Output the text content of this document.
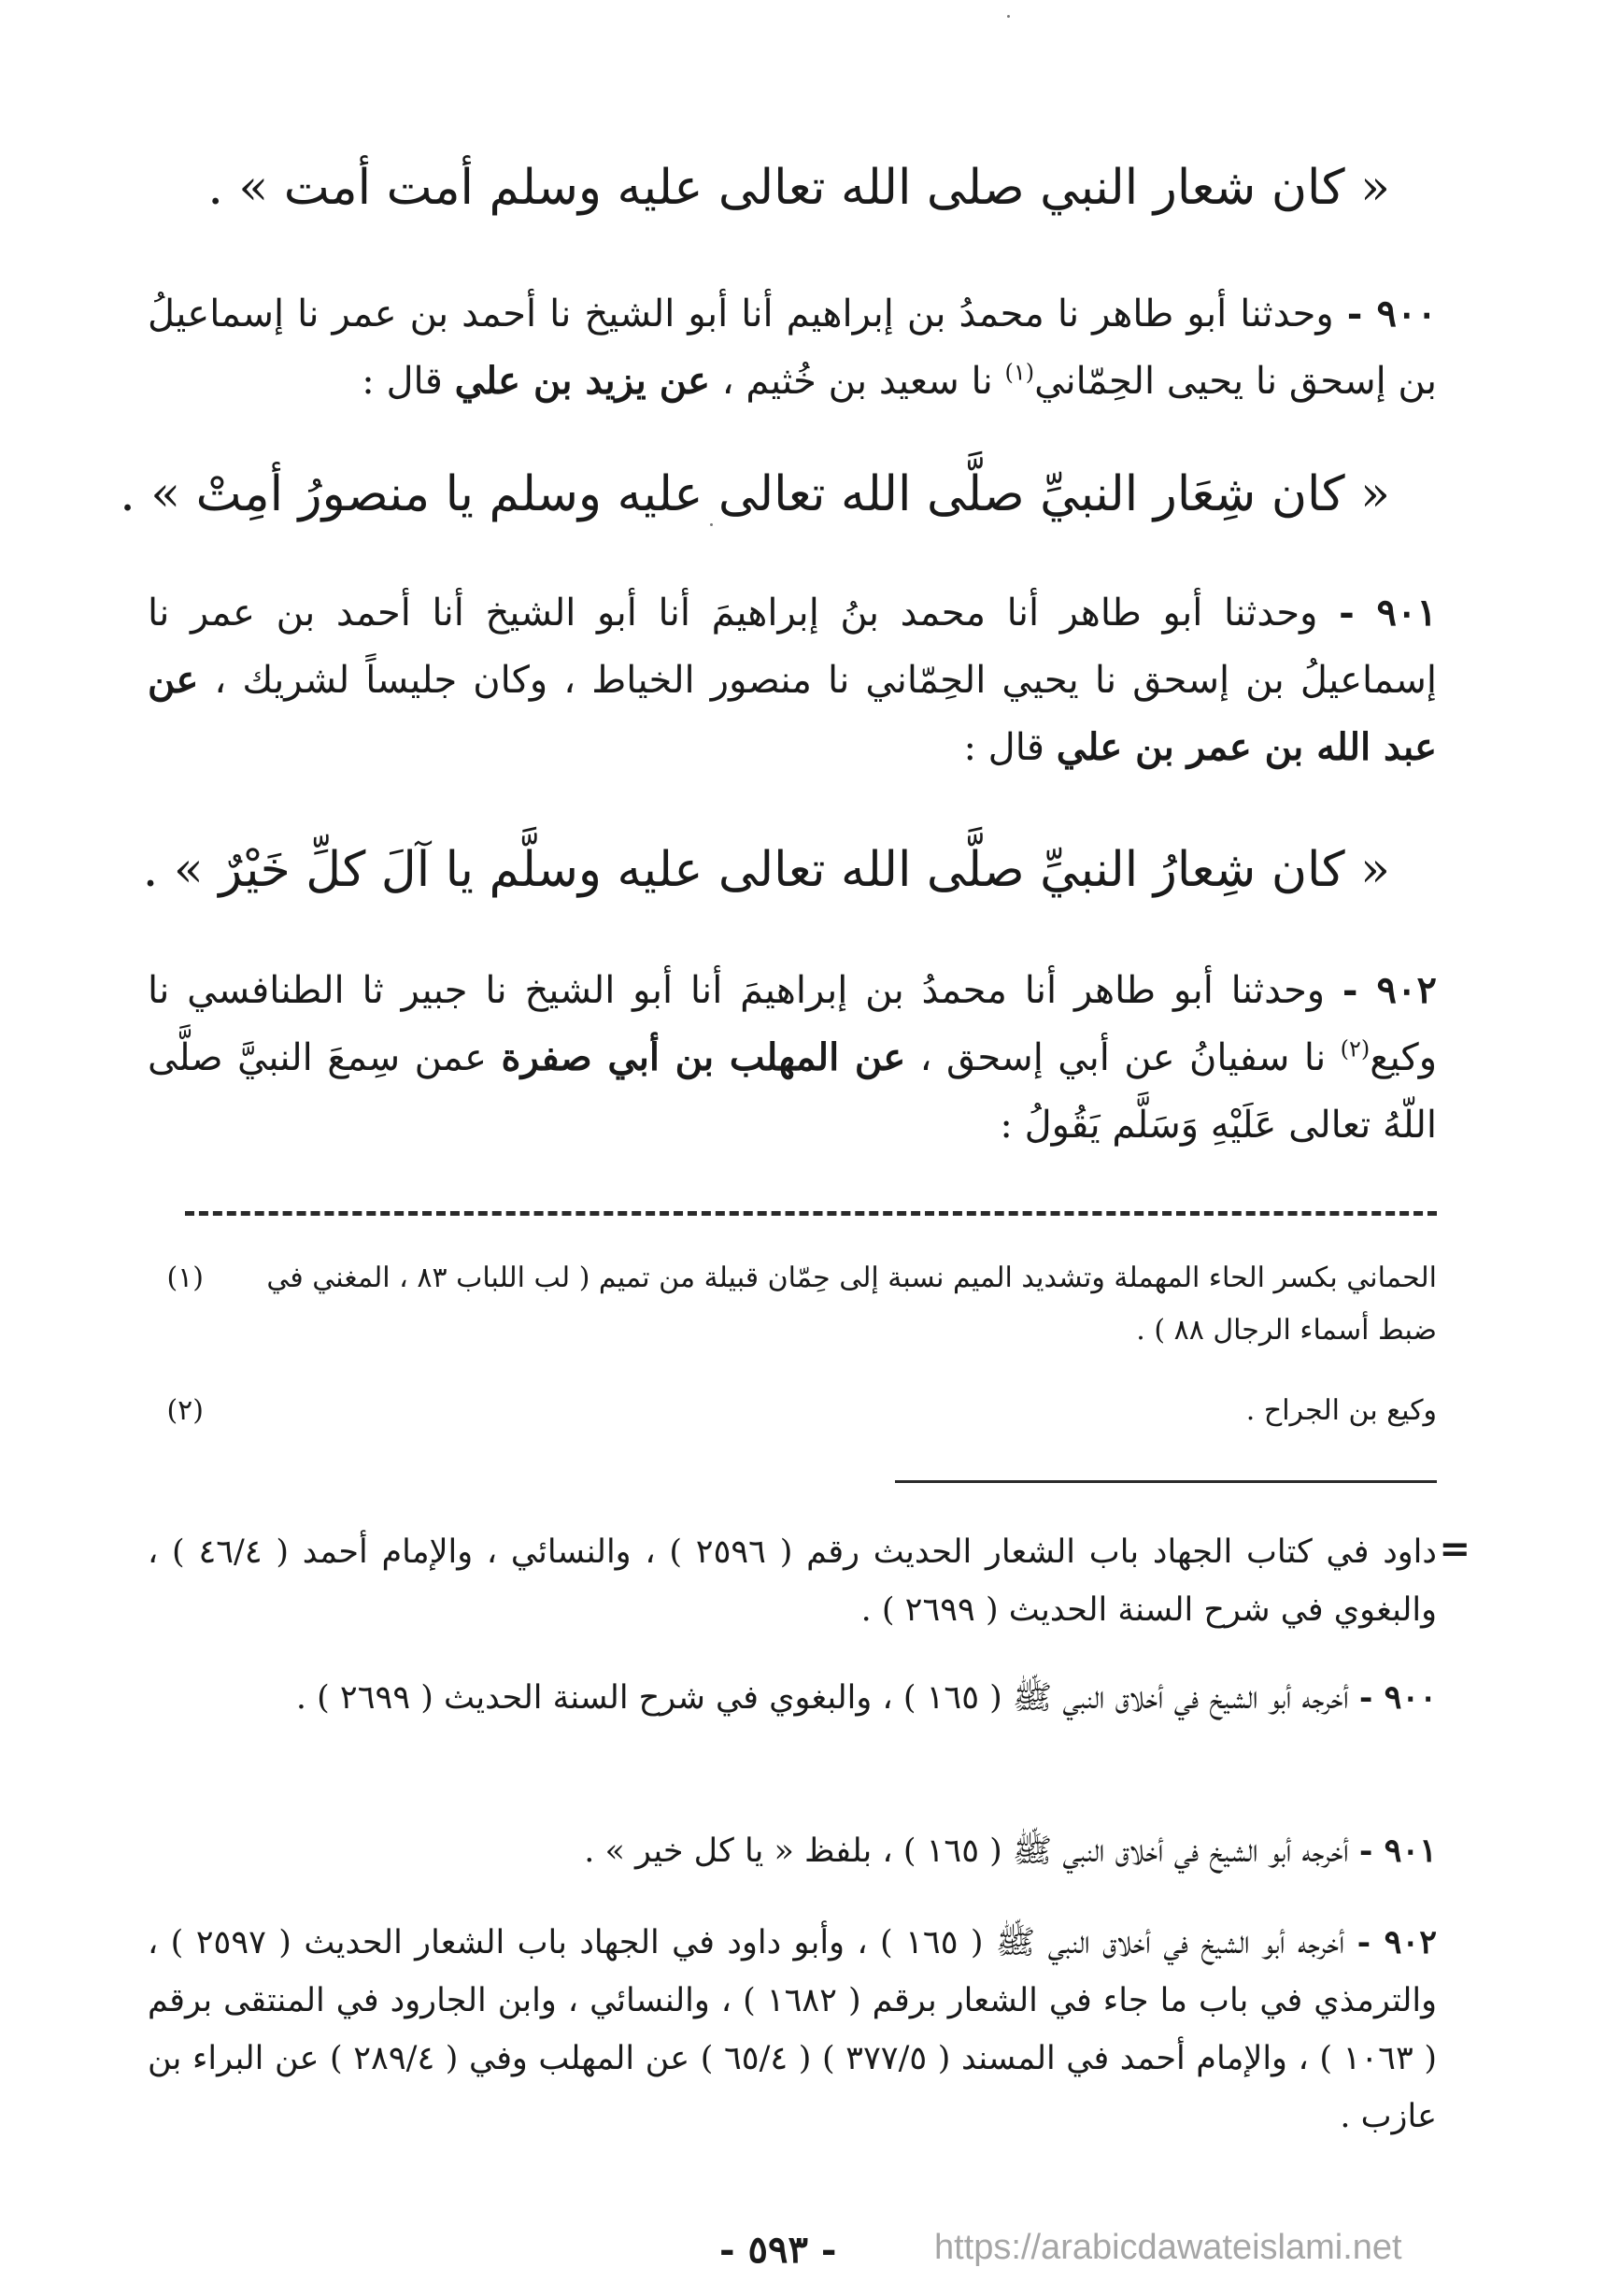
« كان شعار النبي صلى الله تعالى عليه وسلم أمت أمت » .
٩٠٠ - وحدثنا أبو طاهر نا محمدُ بن إبراهيم أنا أبو الشيخ نا أحمد بن عمر نا إسماعيلُ بن إسحق نا يحيى الحِمّاني$^{(١)}$ نا سعيد بن خُثيم ، عن يزيد بن علي قال :
« كان شِعَار النبيِّ صلَّى الله تعالى عليه وسلم يا منصورُ أمِتْ » .
٩٠١ - وحدثنا أبو طاهر أنا محمد بنُ إبراهيمَ أنا أبو الشيخ أنا أحمد بن عمر نا إسماعيلُ بن إسحق نا يحيي الحِمّاني نا منصور الخياط ، وكان جليساً لشريك ، عن عبد الله بن عمر بن علي قال :
« كان شِعارُ النبيِّ صلَّى الله تعالى عليه وسلَّم يا آلَ كلِّ خَيْرٌ » .
٩٠٢ - وحدثنا أبو طاهر أنا محمدُ بن إبراهيمَ أنا أبو الشيخ نا جبير ثا الطنافسي نا وكيع$^{(٢)}$ نا سفيانُ عن أبي إسحق ، عن المهلب بن أبي صفرة عمن سِمعَ النبيَّ صلَّى اللّهُ تعالى عَلَيْهِ وَسَلَّم يَقُولُ :
(١)	الحماني بكسر الحاء المهملة وتشديد الميم نسبة إلى حِمّان قبيلة من تميم ( لب اللباب ٨٣ ، المغني في ضبط أسماء الرجال ٨٨ ) .
(٢)	وكيع بن الجراح .
=
داود في كتاب الجهاد باب الشعار الحديث رقم ( ٢٥٩٦ ) ، والنسائي ، والإمام أحمد ( ٤٦/٤ ) ، والبغوي في شرح السنة الحديث ( ٢٦٩٩ ) .
٩٠٠ - أخرجه أبو الشيخ في أخلاق النبي ﷺ ( ١٦٥ ) ، والبغوي في شرح السنة الحديث ( ٢٦٩٩ ) .
٩٠١ - أخرجه أبو الشيخ في أخلاق النبي ﷺ ( ١٦٥ ) ، بلفظ « يا كل خير » .
٩٠٢ - أخرجه أبو الشيخ في أخلاق النبي ﷺ ( ١٦٥ ) ، وأبو داود في الجهاد باب الشعار الحديث ( ٢٥٩٧ ) ، والترمذي في باب ما جاء في الشعار برقم ( ١٦٨٢ ) ، والنسائي ، وابن الجارود في المنتقى برقم ( ١٠٦٣ ) ، والإمام أحمد في المسند ( ٣٧٧/٥ ) ( ٦٥/٤ ) عن المهلب وفي ( ٢٨٩/٤ ) عن البراء بن عازب .
- ٥٩٣ -	https://arabicdawateislami.net
